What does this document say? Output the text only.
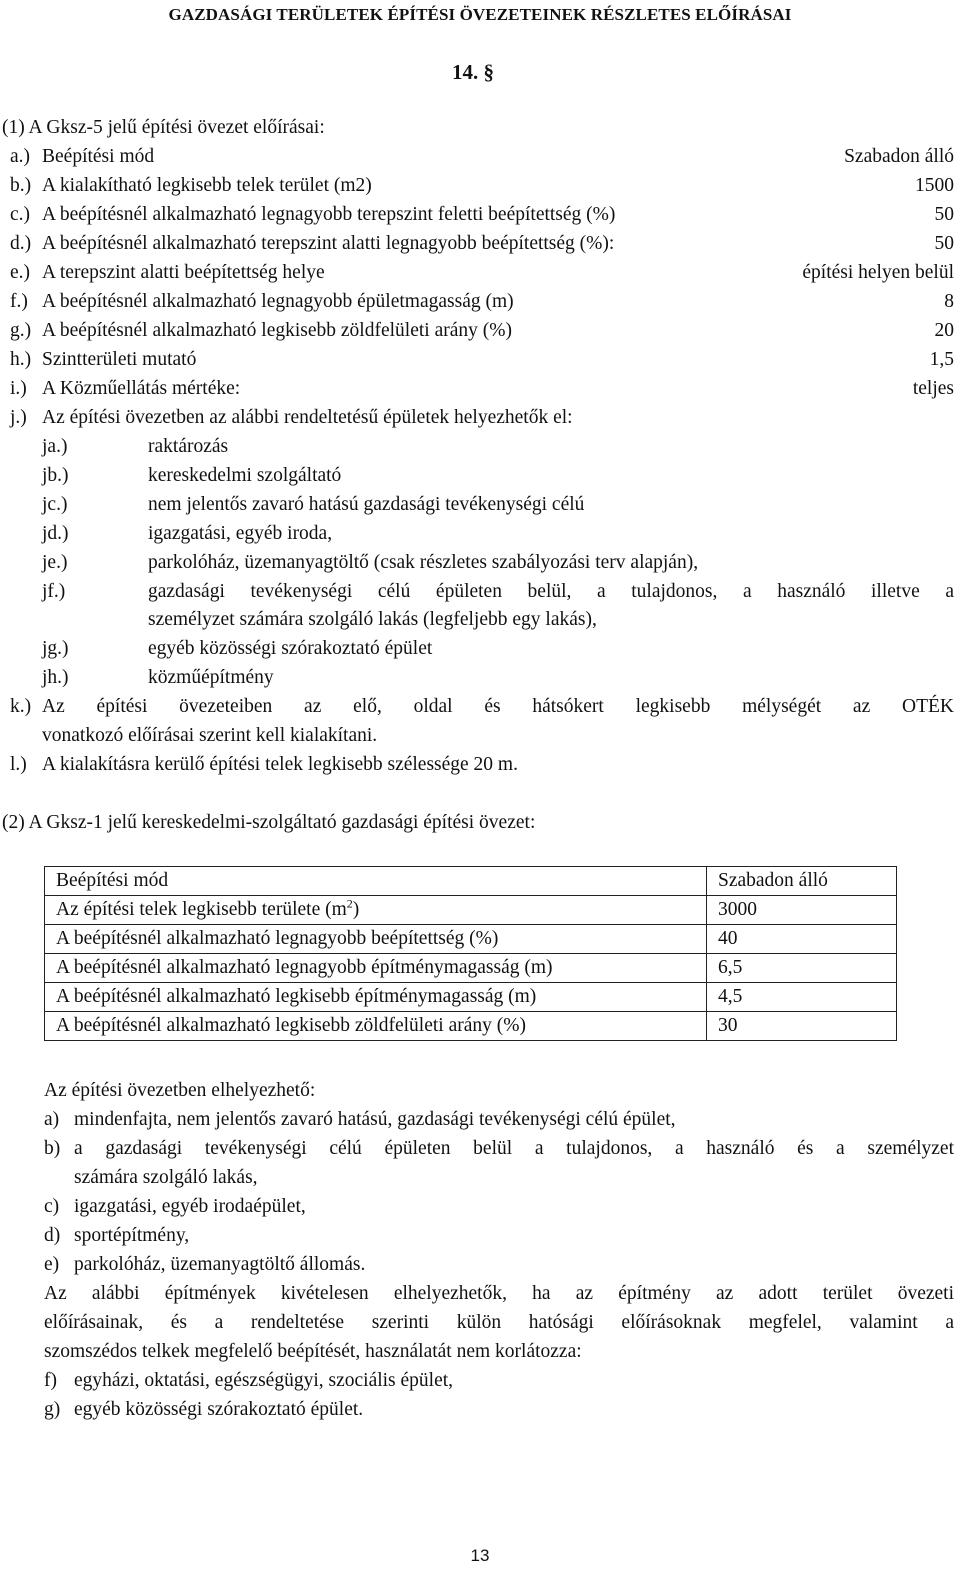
GAZDASÁGI TERÜLETEK ÉPÍTÉSI ÖVEZETEINEK RÉSZLETES ELŐÍRÁSAI
14. §
(1) A Gksz-5 jelű építési övezet előírásai:
a.) Beépítési mód	Szabadon álló
b.) A kialakítható legkisebb telek terület (m2)	1500
c.) A beépítésnél alkalmazható legnagyobb terepszint feletti beépítettség (%)	50
d.) A beépítésnél alkalmazható terepszint alatti legnagyobb beépítettség (%):	50
e.) A terepszint alatti beépítettség helye	építési helyen belül
f.) A beépítésnél alkalmazható legnagyobb épületmagasság (m)	8
g.) A beépítésnél alkalmazható legkisebb zöldfelületi arány (%)	20
h.) Szintterületi mutató	1,5
i.) A Közműellátás mértéke:	teljes
j.) Az építési övezetben az alábbi rendeltetésű épületek helyezhetők el:
ja.)	raktározás
jb.)	kereskedelmi szolgáltató
jc.)	nem jelentős zavaró hatású gazdasági tevékenységi célú
jd.)	igazgatási, egyéb iroda,
je.)	parkolóház, üzemanyagtöltő (csak részletes szabályozási terv alapján),
jf.)	gazdasági tevékenységi célú épületen belül, a tulajdonos, a használó illetve a
személyzet számára szolgáló lakás (legfeljebb egy lakás),
jg.)	egyéb közösségi szórakoztató épület
jh.)	közműépítmény
k.) Az építési övezeteiben az elő, oldal és hátsókert legkisebb mélységét az OTÉK
vonatkozó előírásai szerint kell kialakítani.
l.) A kialakításra kerülő építési telek legkisebb szélessége 20 m.
(2) A Gksz-1 jelű kereskedelmi-szolgáltató gazdasági építési övezet:
Beépítési mód	Szabadon álló
Az építési telek legkisebb területe $(m^2)$	3000
A beépítésnél alkalmazható legnagyobb beépítettség (%)	40
A beépítésnél alkalmazható legnagyobb építménymagasság (m)	6,5
A beépítésnél alkalmazható legkisebb építménymagasság (m)	4,5
A beépítésnél alkalmazható legkisebb zöldfelületi arány (%)	30
Az építési övezetben elhelyezhető:
a) mindenfajta, nem jelentős zavaró hatású, gazdasági tevékenységi célú épület,
b) a gazdasági tevékenységi célú épületen belül a tulajdonos, a használó és a személyzet
számára szolgáló lakás,
c) igazgatási, egyéb irodaépület,
d) sportépítmény,
e) parkolóház, üzemanyagtöltő állomás.
Az alábbi építmények kivételesen elhelyezhetők, ha az építmény az adott terület övezeti
előírásainak, és a rendeltetése szerinti külön hatósági előírásoknak megfelel, valamint a
szomszédos telkek megfelelő beépítését, használatát nem korlátozza:
f) egyházi, oktatási, egészségügyi, szociális épület,
g) egyéb közösségi szórakoztató épület.
13
